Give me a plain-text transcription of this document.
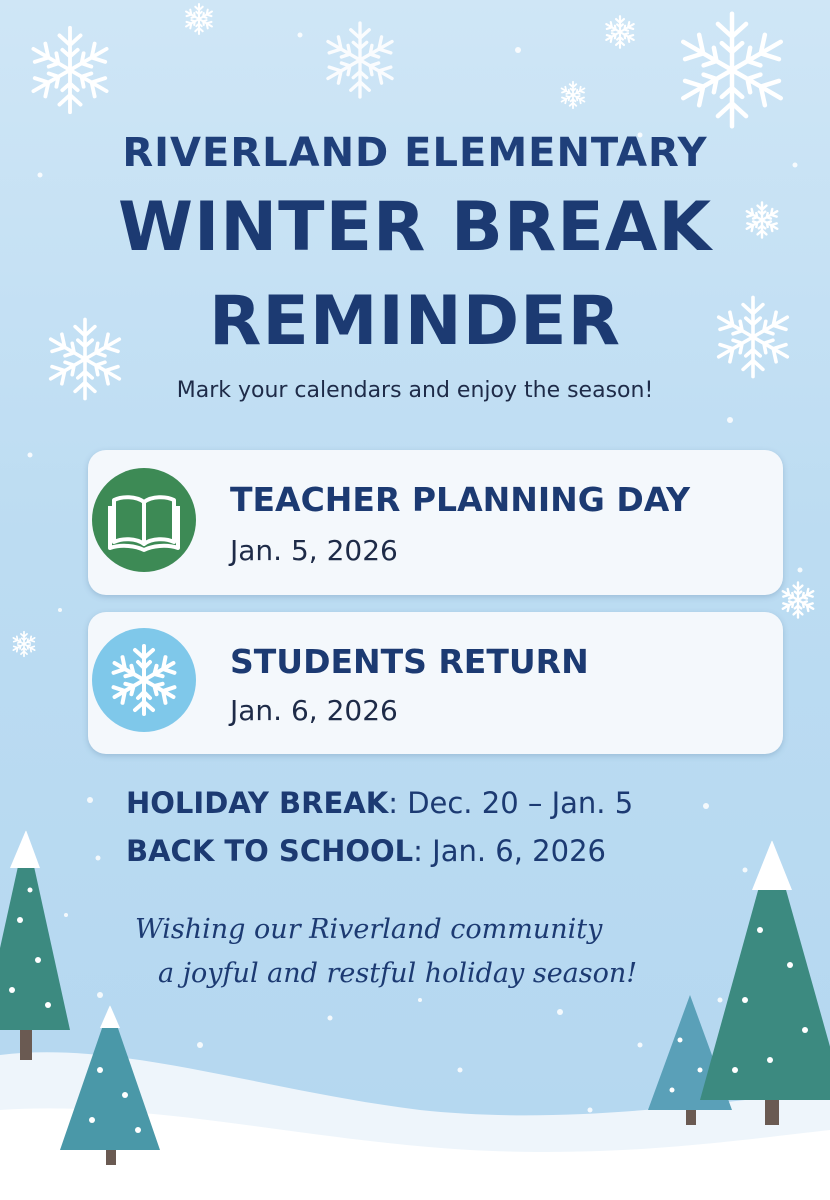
RIVERLAND ELEMENTARY
WINTER BREAK
REMINDER
Mark your calendars and enjoy the season!
TEACHER PLANNING DAY
Jan. 5, 2026
STUDENTS RETURN
Jan. 6, 2026
HOLIDAY BREAK: Dec. 20 – Jan. 5
BACK TO SCHOOL: Jan. 6, 2026
Wishing our Riverland community
a joyful and restful holiday season!
